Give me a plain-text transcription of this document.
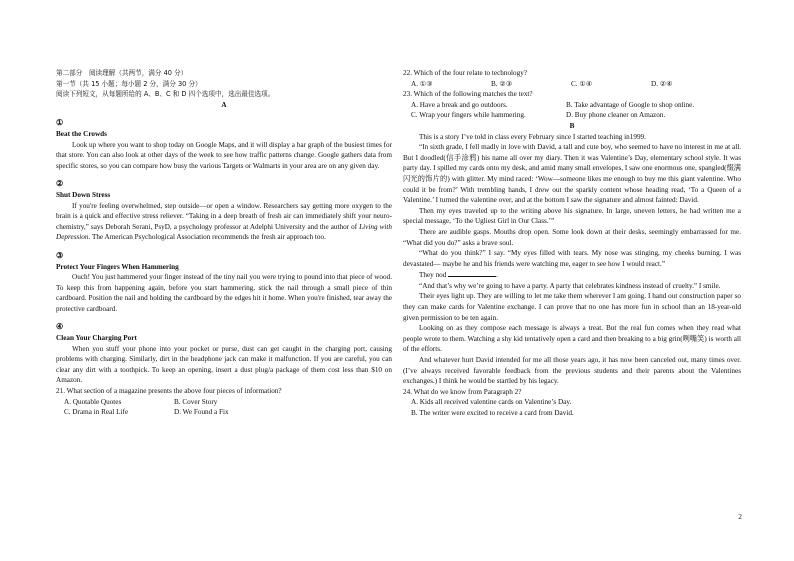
第二部分　阅读理解（共两节，满分 40 分）

第一节（共 15 小题；每小题 2 分，满分 30 分）

阅读下列短文，从每题所给的 A、B、C 和 D 四个选项中，选出最佳选项。

A

①

Beat the Crowds

Look up where you want to shop today on Google Maps, and it will display a bar graph of the busiest times for that store. You can also look at other days of the week to see how traffic patterns change. Google gathers data from specific stores, so you can compare how busy the various Targets or Walmarts in your area are on any given day.

②

Shut Down Stress

If you're feeling overwhelmed, step outside—or open a window. Researchers say getting more oxygen to the brain is a quick and effective stress reliever. “Taking in a deep breath of fresh air can immediately shift your neuro-chemistry,” says Deborah Serani, PsyD, a psychology professor at Adelphi University and the author of Living with Depression. The American Psychological Association recommends the fresh air approach too.

③

Protect Your Fingers When Hammering

Ouch! You just hammered your finger instead of the tiny nail you were trying to pound into that piece of wood. To keep this from happening again, before you start hammering, stick the nail through a small piece of thin cardboard. Position the nail and holding the cardboard by the edges hit it home. When you're finished, tear away the protective cardboard.

④

Clean Your Charging Port

When you stuff your phone into your pocket or purse, dust can get caught in the charging port, causing problems with charging. Similarly, dirt in the headphone jack can make it malfunction. If you are careful, you can clear any dirt with a toothpick. To keep an opening, insert a dust plug/a package of them cost less than $10 on Amazon.

21. What section of a magazine presents the above four pieces of information?

A. Quotable Quotes	B. Cover Story
C. Drama in Real Life	D. We Found a Fix

22. Which of the four relate to technology?

A. ①③	B. ②③	C. ①④	D. ②④

23. Which of the following matches the text?

A. Have a break and go outdoors.	B. Take advantage of Google to shop online.
C. Wrap your fingers while hammering.	D. Buy phone cleaner on Amazon.

B

This is a story I’ve told in class every February since I started teaching in1999.

“In sixth grade, I fell madly in love with David, a tall and cute boy, who seemed to have no interest in me at all. But I doodled(信手涂鸦) his name all over my diary. Then it was Valentine’s Day, elementary school style. It was party day. I spilled my cards onto my desk, and amid many small envelopes, I saw one enormous one, spangled(缀满闪光的饰片的) with glitter. My mind raced: ‘Wow—someone likes me enough to buy me this giant valentine. Who could it be from?’ With trembling hands, I drew out the sparkly content whose heading read, ‘To a Queen of a Valentine.’ I turned the valentine over, and at the bottom I saw the signature and almost fainted: David.

Then my eyes traveled up to the writing above his signature. In large, uneven letters, he had written me a special message, ‘To the Ugliest Girl in Our Class.’”

There are audible gasps. Mouths drop open. Some look down at their desks, seemingly embarrassed for me. “What did you do?” asks a brave soul.

“What do you think?” I say. “My eyes filled with tears. My nose was stinging, my cheeks burning. I was devastated— maybe he and his friends were watching me, eager to see how I would react.”

They nod	.

“And that’s why we’re going to have a party. A party that celebrates kindness instead of cruelty.” I smile.

Their eyes light up. They are willing to let me take them wherever I am going. I hand out construction paper so they can make cards for Valentine exchange. I can prove that no one has more fun in school than an 18-year-old given permission to be ten again.

Looking on as they compose each message is always a treat. But the real fun comes when they read what people wrote to them. Watching a shy kid tentatively open a card and then breaking to a big grin(咧嘴笑) is worth all of the efforts.

And whatever hurt David intended for me all those years ago, it has now been canceled out, many times over. (I’ve always received favorable feedback from the previous students and their parents about the Valentines exchanges.) I think he would be startled by his legacy.

24. What do we know from Paragraph 2?

A. Kids all received valentine cards on Valentine’s Day.

B. The writer were excited to receive a card from David.

2
